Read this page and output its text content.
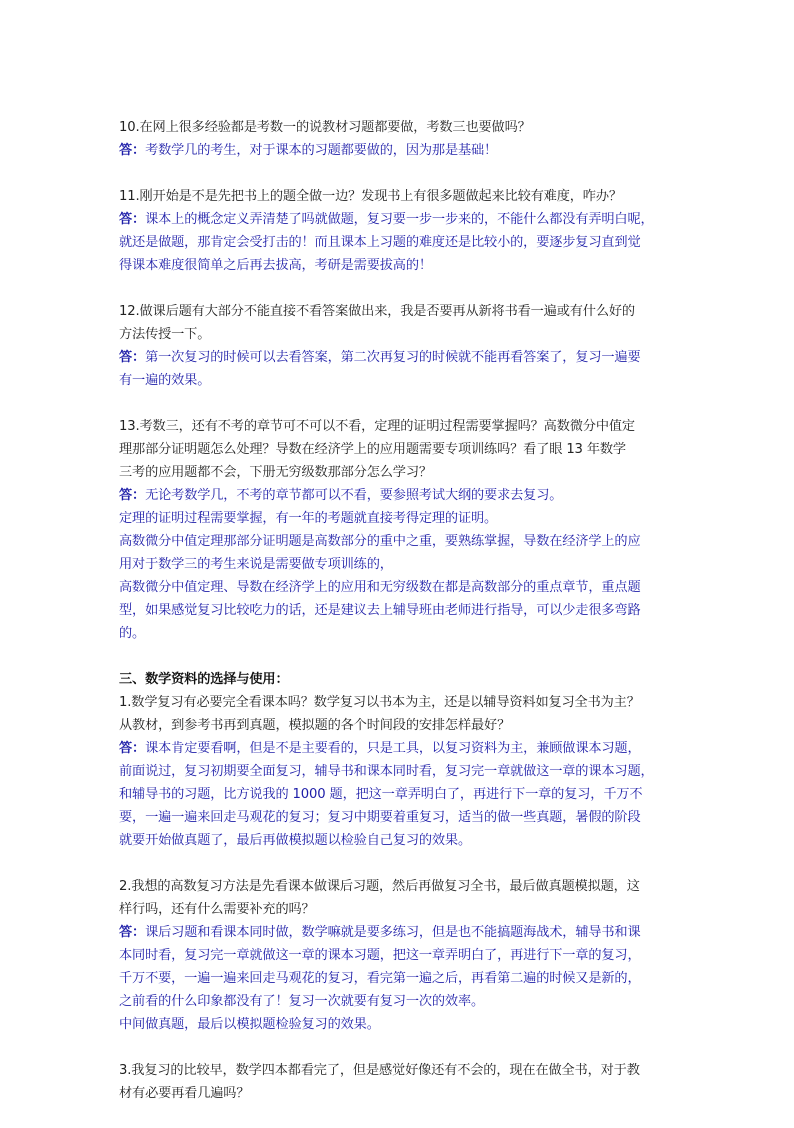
10.在网上很多经验都是考数一的说教材习题都要做，考数三也要做吗？
答：考数学几的考生，对于课本的习题都要做的，因为那是基础！
11.刚开始是不是先把书上的题全做一边？发现书上有很多题做起来比较有难度，咋办？
答：课本上的概念定义弄清楚了吗就做题，复习要一步一步来的，不能什么都没有弄明白呢，
就还是做题，那肯定会受打击的！而且课本上习题的难度还是比较小的，要逐步复习直到觉
得课本难度很简单之后再去拔高，考研是需要拔高的！
12.做课后题有大部分不能直接不看答案做出来，我是否要再从新将书看一遍或有什么好的
方法传授一下。
答：第一次复习的时候可以去看答案，第二次再复习的时候就不能再看答案了，复习一遍要
有一遍的效果。
13.考数三，还有不考的章节可不可以不看，定理的证明过程需要掌握吗？高数微分中值定
理那部分证明题怎么处理？导数在经济学上的应用题需要专项训练吗？看了眼 13 年数学
三考的应用题都不会，下册无穷级数那部分怎么学习？
答：无论考数学几，不考的章节都可以不看，要参照考试大纲的要求去复习。
定理的证明过程需要掌握，有一年的考题就直接考得定理的证明。
高数微分中值定理那部分证明题是高数部分的重中之重，要熟练掌握，导数在经济学上的应
用对于数学三的考生来说是需要做专项训练的，
高数微分中值定理、导数在经济学上的应用和无穷级数在都是高数部分的重点章节，重点题
型，如果感觉复习比较吃力的话，还是建议去上辅导班由老师进行指导，可以少走很多弯路
的。
三、数学资料的选择与使用：
1.数学复习有必要完全看课本吗？数学复习以书本为主，还是以辅导资料如复习全书为主？
从教材，到参考书再到真题，模拟题的各个时间段的安排怎样最好？
答：课本肯定要看啊，但是不是主要看的，只是工具，以复习资料为主，兼顾做课本习题，
前面说过，复习初期要全面复习，辅导书和课本同时看，复习完一章就做这一章的课本习题，
和辅导书的习题，比方说我的 1000 题，把这一章弄明白了，再进行下一章的复习，千万不
要，一遍一遍来回走马观花的复习；复习中期要着重复习，适当的做一些真题，暑假的阶段
就要开始做真题了，最后再做模拟题以检验自己复习的效果。
2.我想的高数复习方法是先看课本做课后习题，然后再做复习全书，最后做真题模拟题，这
样行吗，还有什么需要补充的吗？
答：课后习题和看课本同时做，数学嘛就是要多练习，但是也不能搞题海战术，辅导书和课
本同时看，复习完一章就做这一章的课本习题，把这一章弄明白了，再进行下一章的复习，
千万不要，一遍一遍来回走马观花的复习，看完第一遍之后，再看第二遍的时候又是新的，
之前看的什么印象都没有了！复习一次就要有复习一次的效率。
中间做真题，最后以模拟题检验复习的效果。
3.我复习的比较早，数学四本都看完了，但是感觉好像还有不会的，现在在做全书，对于教
材有必要再看几遍吗？
